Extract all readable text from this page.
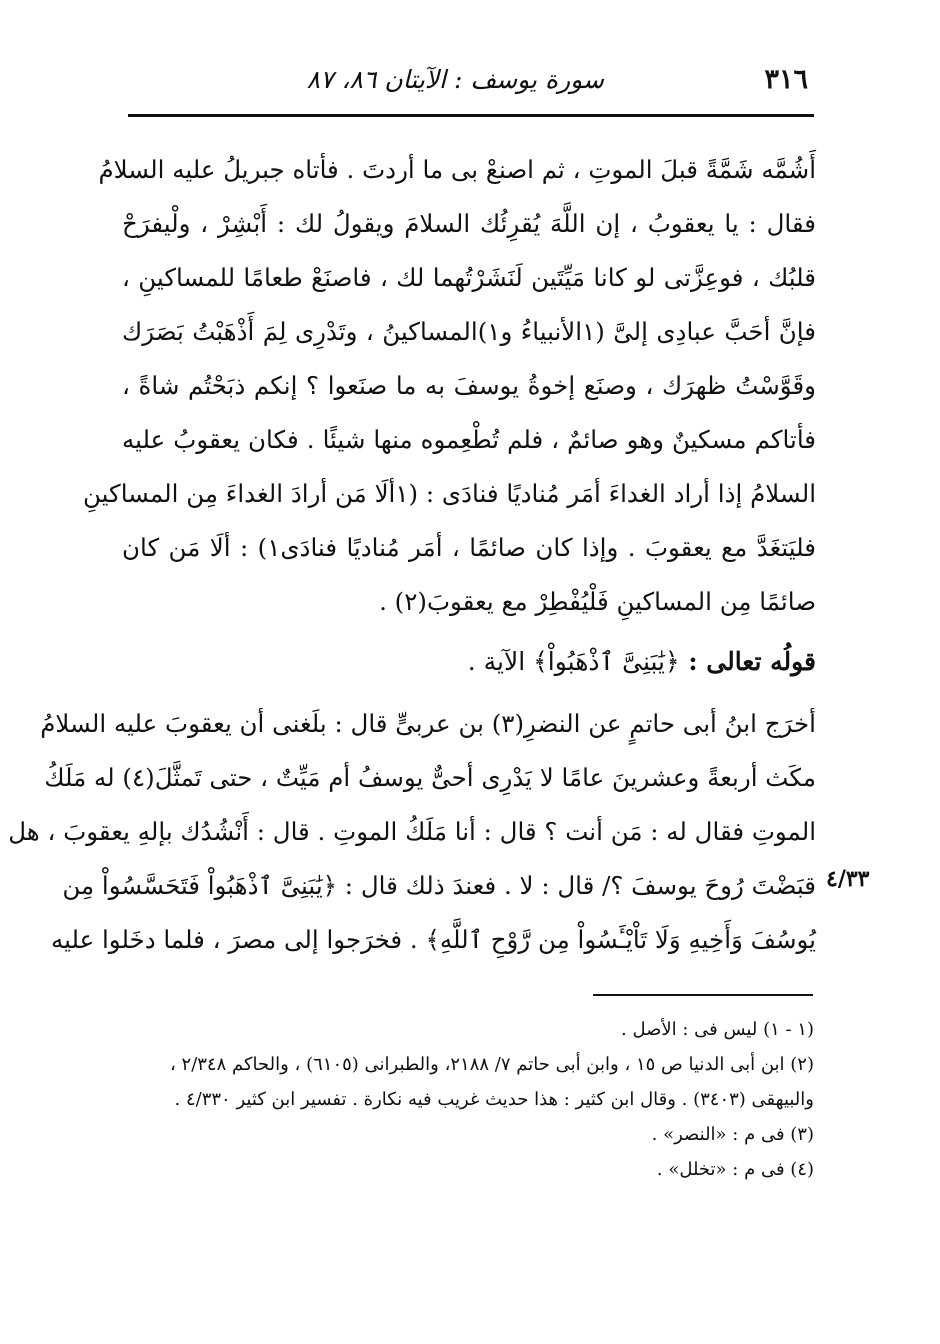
٣١٦
سورة يوسف : الآيتان ٨٦، ٨٧
أَشُمَّه شَمَّةً قبلَ الموتِ ، ثم اصنعْ بى ما أردتَ . فأتاه جبريلُ عليه السلامُ
فقال : يا يعقوبُ ، إن اللَّهَ يُقرِئُك السلامَ ويقولُ لك : أَبْشِرْ ، ولْيفرَحْ
قلبُك ، فوعِزَّتى لو كانا مَيِّتَين لَنَشَرْتُهما لك ، فاصنَعْ طعامًا للمساكينِ ،
فإنَّ أحَبَّ عبادِى إلىَّ (١الأنبياءُ و١)المساكينُ ، وتَدْرِى لِمَ أَذْهَبْتُ بَصَرَك
وقَوَّسْتُ ظهرَك ، وصنَع إخوةُ يوسفَ به ما صنَعوا ؟ إنكم ذبَحْتُم شاةً ،
فأتاكم مسكينٌ وهو صائمٌ ، فلم تُطْعِموه منها شيئًا . فكان يعقوبُ عليه
السلامُ إذا أراد الغداءَ أمَر مُناديًا فنادَى : (١ألَا مَن أرادَ الغداءَ مِن المساكينِ
فليَتغَدَّ مع يعقوبَ . وإذا كان صائمًا ، أمَر مُناديًا فنادَى١) : ألَا مَن كان
صائمًا مِن المساكينِ فَلْيُفْطِرْ مع يعقوبَ(٢) .
قولُه تعالى : ﴿يَٰبَنِىَّ ٱذْهَبُواْ﴾ الآية .
أخرَج ابنُ أبى حاتمٍ عن النضرِ(٣) بن عربىٍّ قال : بلَغنى أن يعقوبَ عليه السلامُ
مكَث أربعةً وعشرينَ عامًا لا يَدْرِى أحىٌّ يوسفُ أم مَيِّتٌ ، حتى تَمثَّلَ(٤) له مَلَكُ
الموتِ فقال له : مَن أنت ؟ قال : أنا مَلَكُ الموتِ . قال : أَنْشُدُك بإلهِ يعقوبَ ، هل
قبَضْتَ رُوحَ يوسفَ ؟/ قال : لا . فعندَ ذلك قال : ﴿يَٰبَنِىَّ ٱذْهَبُواْ فَتَحَسَّسُواْ مِن
يُوسُفَ وَأَخِيهِ وَلَا تَاْيْـَٔسُواْ مِن رَّوْحِ ٱللَّهِ﴾ . فخرَجوا إلى مصرَ ، فلما دخَلوا عليه
٤/٣٣
(١ - ١) ليس فى : الأصل .
(٢) ابن أبى الدنيا ص ١٥ ، وابن أبى حاتم ٧/ ٢١٨٨، والطبرانى (٦١٠٥) ، والحاكم ٢/٣٤٨ ،
والبيهقى (٣٤٠٣) . وقال ابن كثير : هذا حديث غريب فيه نكارة . تفسير ابن كثير ٤/٣٣٠ .
(٣) فى م : «النصر» .
(٤) فى م : «تخلل» .
